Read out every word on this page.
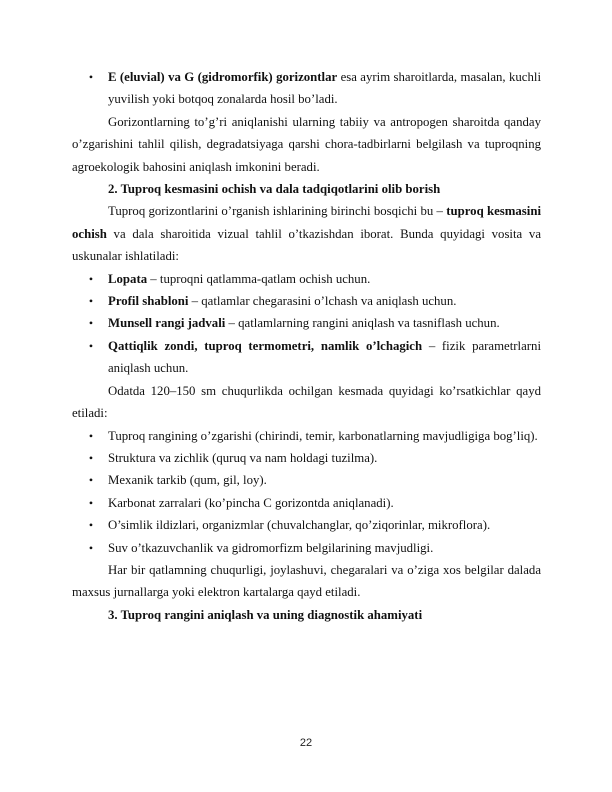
• E (eluvial) va G (gidromorfik) gorizontlar esa ayrim sharoitlarda, masalan, kuchli yuvilish yoki botqoq zonalarda hosil bo’ladi.

Gorizontlarning to’g’ri aniqlanishi ularning tabiiy va antropogen sharoitda qanday o’zgarishini tahlil qilish, degradatsiyaga qarshi chora-tadbirlarni belgilash va tuproqning agroekologik bahosini aniqlash imkonini beradi.

2. Tuproq kesmasini ochish va dala tadqiqotlarini olib borish

Tuproq gorizontlarini o’rganish ishlarining birinchi bosqichi bu – tuproq kesmasini ochish va dala sharoitida vizual tahlil o’tkazishdan iborat. Bunda quyidagi vosita va uskunalar ishlatiladi:

• Lopata – tuproqni qatlamma-qatlam ochish uchun.
• Profil shabloni – qatlamlar chegarasini o’lchash va aniqlash uchun.
• Munsell rangi jadvali – qatlamlarning rangini aniqlash va tasniflash uchun.
• Qattiqlik zondi, tuproq termometri, namlik o’lchagich – fizik parametrlarni aniqlash uchun.

Odatda 120–150 sm chuqurlikda ochilgan kesmada quyidagi ko’rsatkichlar qayd etiladi:

• Tuproq rangining o’zgarishi (chirindi, temir, karbonatlarning mavjudligiga bog’liq).
• Struktura va zichlik (quruq va nam holdagi tuzilma).
• Mexanik tarkib (qum, gil, loy).
• Karbonat zarralari (ko’pincha C gorizontda aniqlanadi).
• O’simlik ildizlari, organizmlar (chuvalchanglar, qo’ziqorinlar, mikroflora).
• Suv o’tkazuvchanlik va gidromorfizm belgilarining mavjudligi.

Har bir qatlamning chuqurligi, joylashuvi, chegaralari va o’ziga xos belgilar dalada maxsus jurnallarga yoki elektron kartalarga qayd etiladi.

3. Tuproq rangini aniqlash va uning diagnostik ahamiyati

22
